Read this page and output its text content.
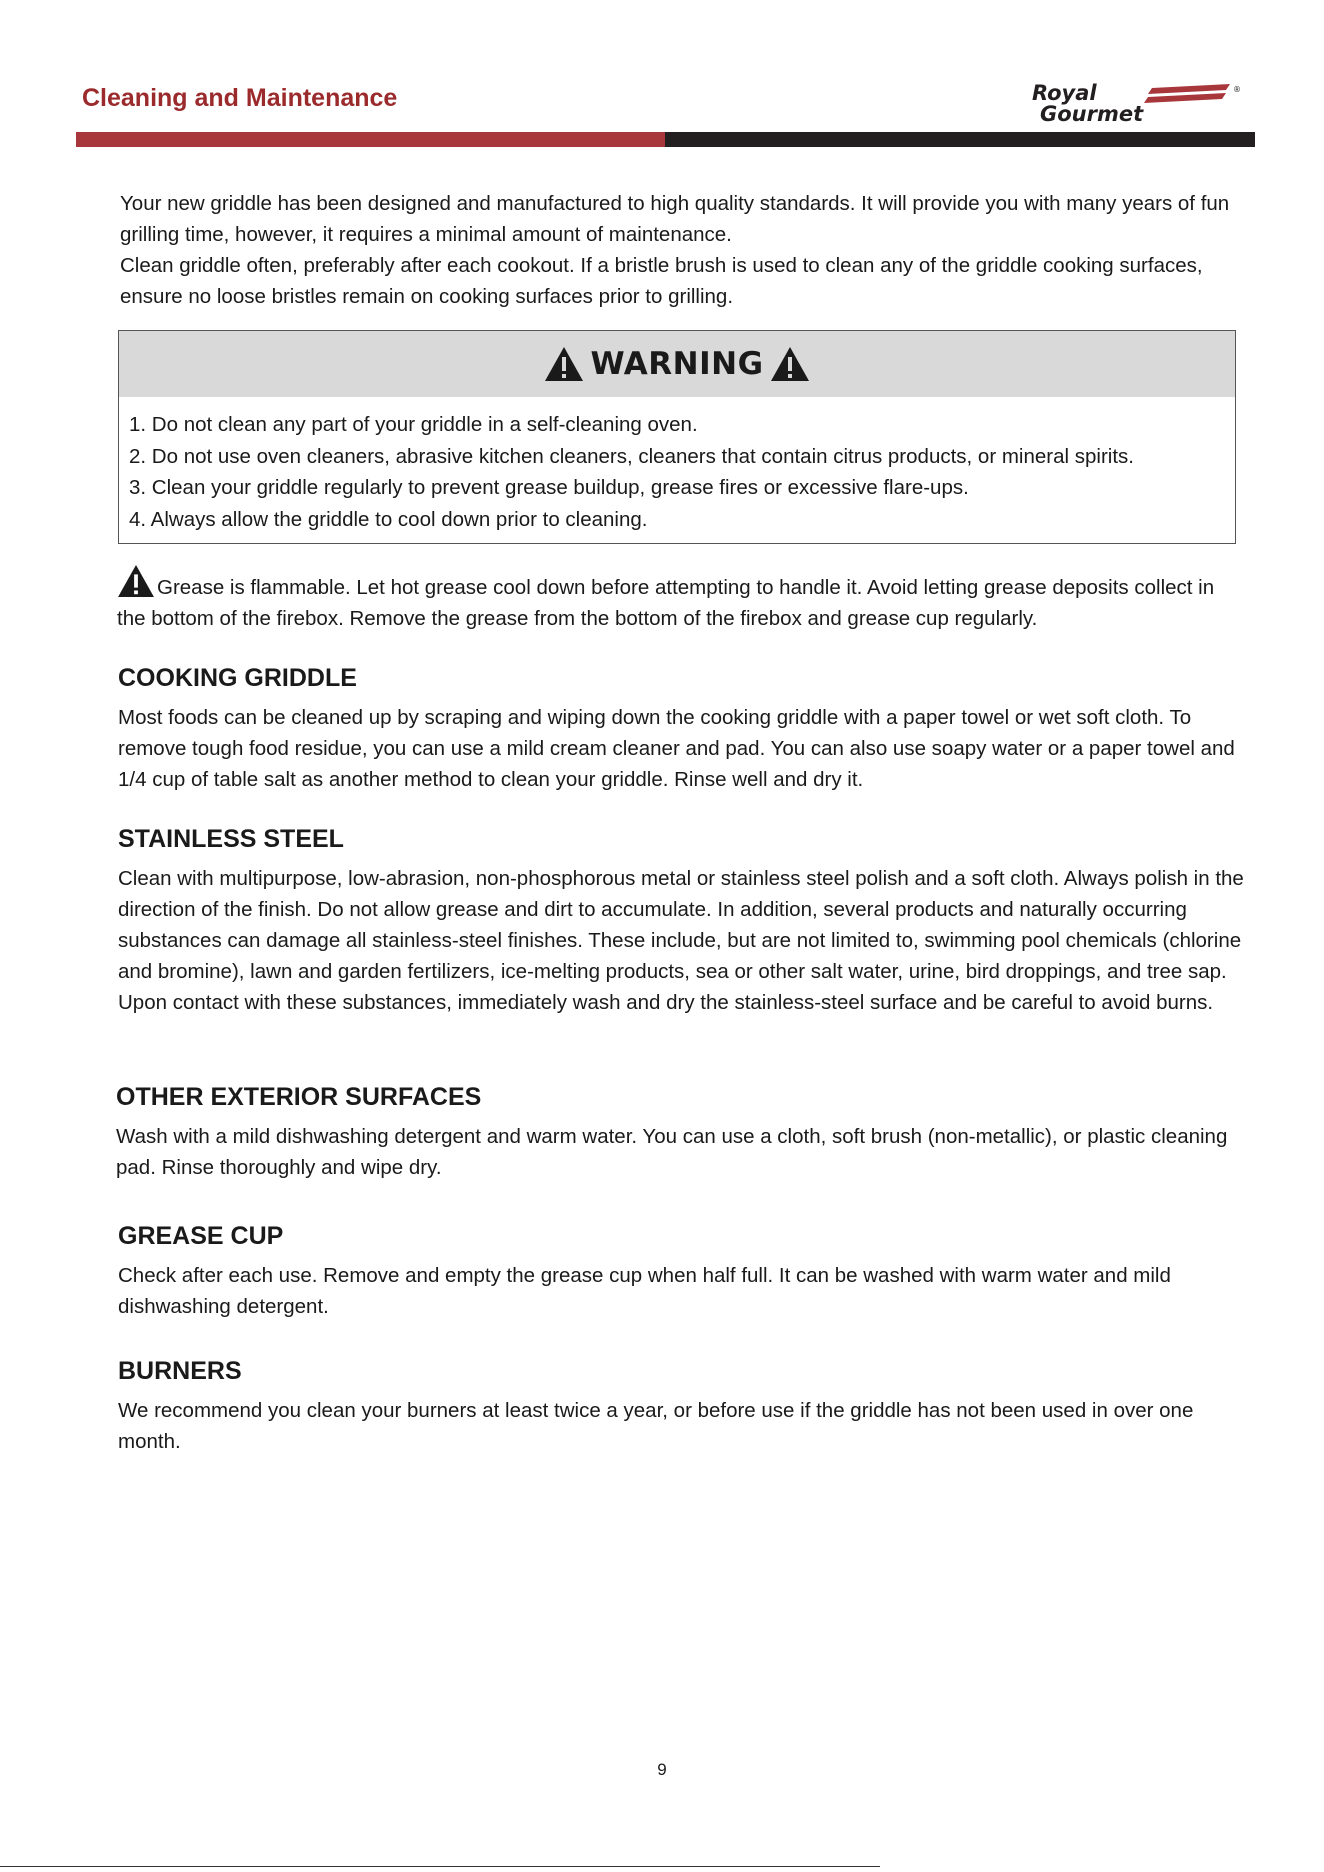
Cleaning and Maintenance	Royal
Gourmet
®

Your new griddle has been designed and manufactured to high quality standards. It will provide you with many years of fun grilling time, however, it requires a minimal amount of maintenance.

Clean griddle often, preferably after each cookout. If a bristle brush is used to clean any of the griddle cooking surfaces, ensure no loose bristles remain on cooking surfaces prior to grilling.

WARNING
1. Do not clean any part of your griddle in a self-cleaning oven.
2. Do not use oven cleaners, abrasive kitchen cleaners, cleaners that contain citrus products, or mineral spirits.
3. Clean your griddle regularly to prevent grease buildup, grease fires or excessive flare-ups.
4. Always allow the griddle to cool down prior to cleaning.

Grease is flammable. Let hot grease cool down before attempting to handle it. Avoid letting grease deposits collect in the bottom of the firebox. Remove the grease from the bottom of the firebox and grease cup regularly.

COOKING GRIDDLE

Most foods can be cleaned up by scraping and wiping down the cooking griddle with a paper towel or wet soft cloth. To remove tough food residue, you can use a mild cream cleaner and pad. You can also use soapy water or a paper towel and 1/4 cup of table salt as another method to clean your griddle. Rinse well and dry it.

STAINLESS STEEL

Clean with multipurpose, low-abrasion, non-phosphorous metal or stainless steel polish and a soft cloth. Always polish in the direction of the finish. Do not allow grease and dirt to accumulate. In addition, several products and naturally occurring substances can damage all stainless-steel finishes. These include, but are not limited to, swimming pool chemicals (chlorine and bromine), lawn and garden fertilizers, ice-melting products, sea or other salt water, urine, bird droppings, and tree sap. Upon contact with these substances, immediately wash and dry the stainless-steel surface and be careful to avoid burns.

OTHER EXTERIOR SURFACES

Wash with a mild dishwashing detergent and warm water. You can use a cloth, soft brush (non-metallic), or plastic cleaning pad. Rinse thoroughly and wipe dry.

GREASE CUP

Check after each use. Remove and empty the grease cup when half full. It can be washed with warm water and mild dishwashing detergent.

BURNERS

We recommend you clean your burners at least twice a year, or before use if the griddle has not been used in over one month.

9
